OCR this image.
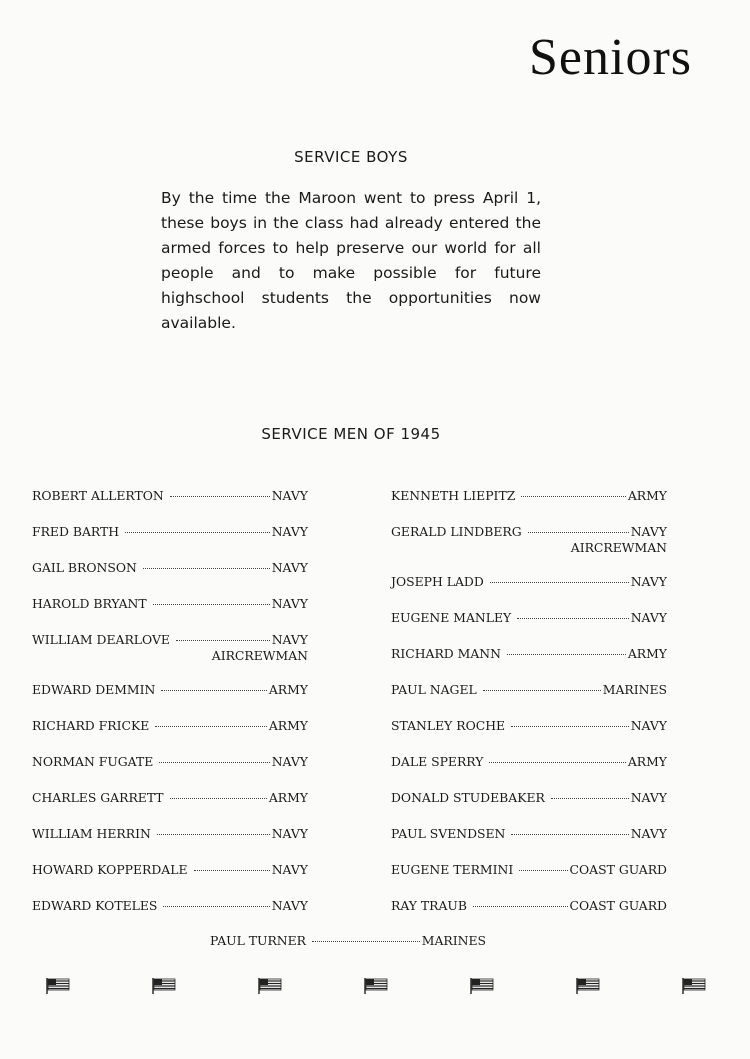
Seniors
SERVICE BOYS

By the time the Maroon went to press April 1, these boys in the class had already entered the armed forces to help preserve our world for all people and to make possible for future highschool students the opportunities now available.

SERVICE MEN OF 1945
ROBERT ALLERTON	NAVY
FRED BARTH	NAVY
GAIL BRONSON	NAVY
HAROLD BRYANT	NAVY
WILLIAM DEARLOVE	NAVY
AIRCREWMAN
EDWARD DEMMIN	ARMY
RICHARD FRICKE	ARMY
NORMAN FUGATE	NAVY
CHARLES GARRETT	ARMY
WILLIAM HERRIN	NAVY
HOWARD KOPPERDALE	NAVY
EDWARD KOTELES	NAVY
KENNETH LIEPITZ	ARMY
GERALD LINDBERG	NAVY
AIRCREWMAN
JOSEPH LADD	NAVY
EUGENE MANLEY	NAVY
RICHARD MANN	ARMY
PAUL NAGEL	MARINES
STANLEY ROCHE	NAVY
DALE SPERRY	ARMY
DONALD STUDEBAKER	NAVY
PAUL SVENDSEN	NAVY
EUGENE TERMINI	COAST GUARD
RAY TRAUB	COAST GUARD
PAUL TURNER	MARINES
